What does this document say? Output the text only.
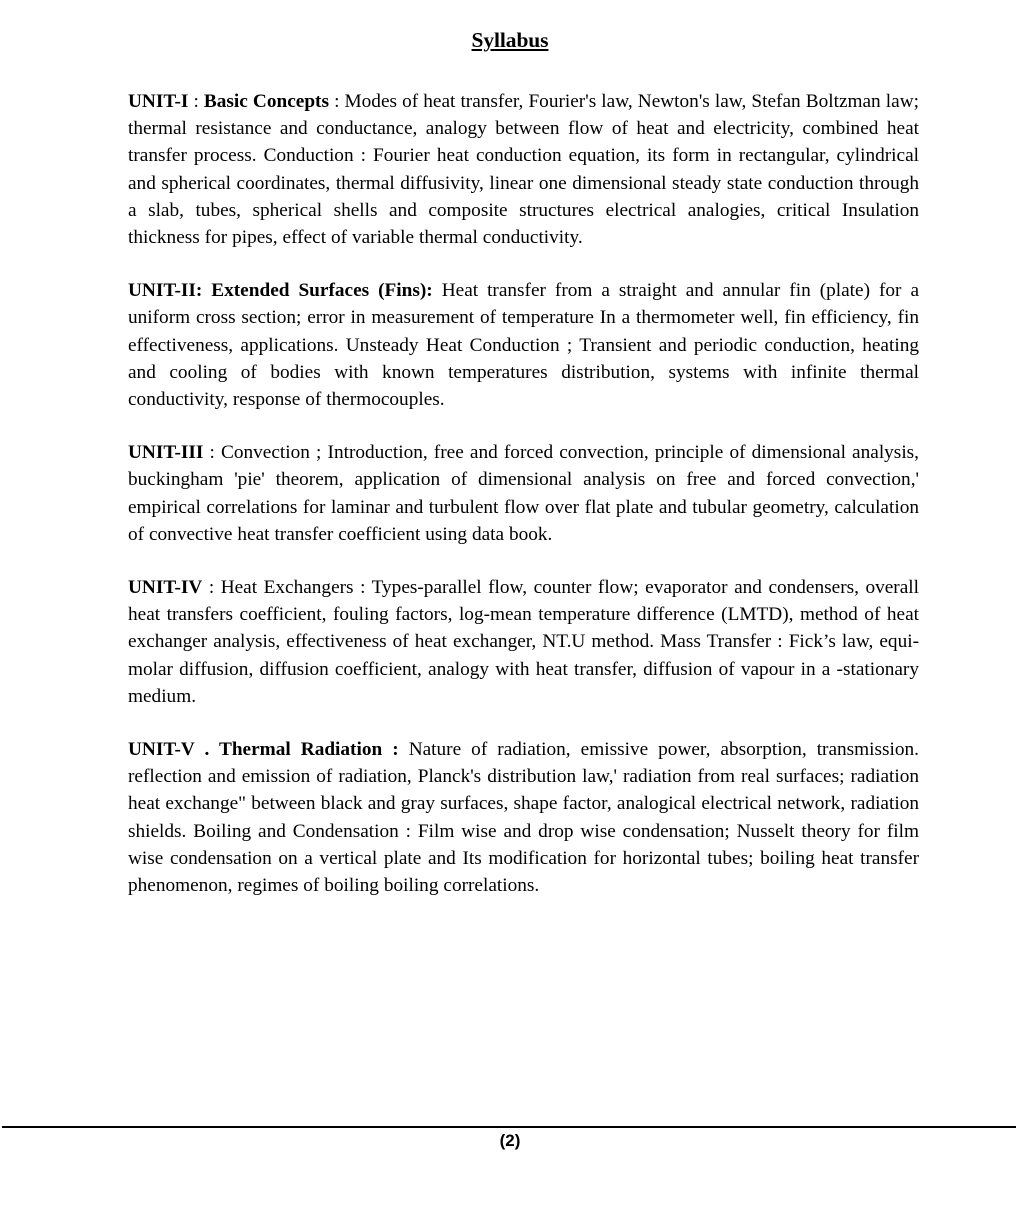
Syllabus

UNIT-I : Basic Concepts : Modes of heat transfer, Fourier's law, Newton's law, Stefan Boltzman law; thermal resistance and conductance, analogy between flow of heat and electricity, combined heat transfer process. Conduction : Fourier heat conduction equation, its form in rectangular, cylindrical and spherical coordinates, thermal diffusivity, linear one dimensional steady state conduction through a slab, tubes, spherical shells and composite structures electrical analogies, critical Insulation thickness for pipes, effect of variable thermal conductivity.

UNIT-II: Extended Surfaces (Fins): Heat transfer from a straight and annular fin (plate) for a uniform cross section; error in measurement of temperature In a thermometer well, fin efficiency, fin effectiveness, applications. Unsteady Heat Conduction ; Transient and periodic conduction, heating and cooling of bodies with known temperatures distribution, systems with infinite thermal conductivity, response of thermocouples.

UNIT-III : Convection ; Introduction, free and forced convection, principle of dimensional analysis, buckingham 'pie' theorem, application of dimensional analysis on free and forced convection,' empirical correlations for laminar and turbulent flow over flat plate and tubular geometry, calculation of convective heat transfer coefficient using data book.

UNIT-IV : Heat Exchangers : Types-parallel flow, counter flow; evaporator and condensers, overall heat transfers coefficient, fouling factors, log-mean temperature difference (LMTD), method of heat exchanger analysis, effectiveness of heat exchanger, NT.U method. Mass Transfer : Fick’s law, equi-molar diffusion, diffusion coefficient, analogy with heat transfer, diffusion of vapour in a -stationary medium.

UNIT-V . Thermal Radiation : Nature of radiation, emissive power, absorption, transmission. reflection and emission of radiation, Planck's distribution law,' radiation from real surfaces; radiation heat exchange" between black and gray surfaces, shape factor, analogical electrical network, radiation shields. Boiling and Condensation : Film wise and drop wise condensation; Nusselt theory for film wise condensation on a vertical plate and Its modification for horizontal tubes; boiling heat transfer phenomenon, regimes of boiling boiling correlations.

(2)
